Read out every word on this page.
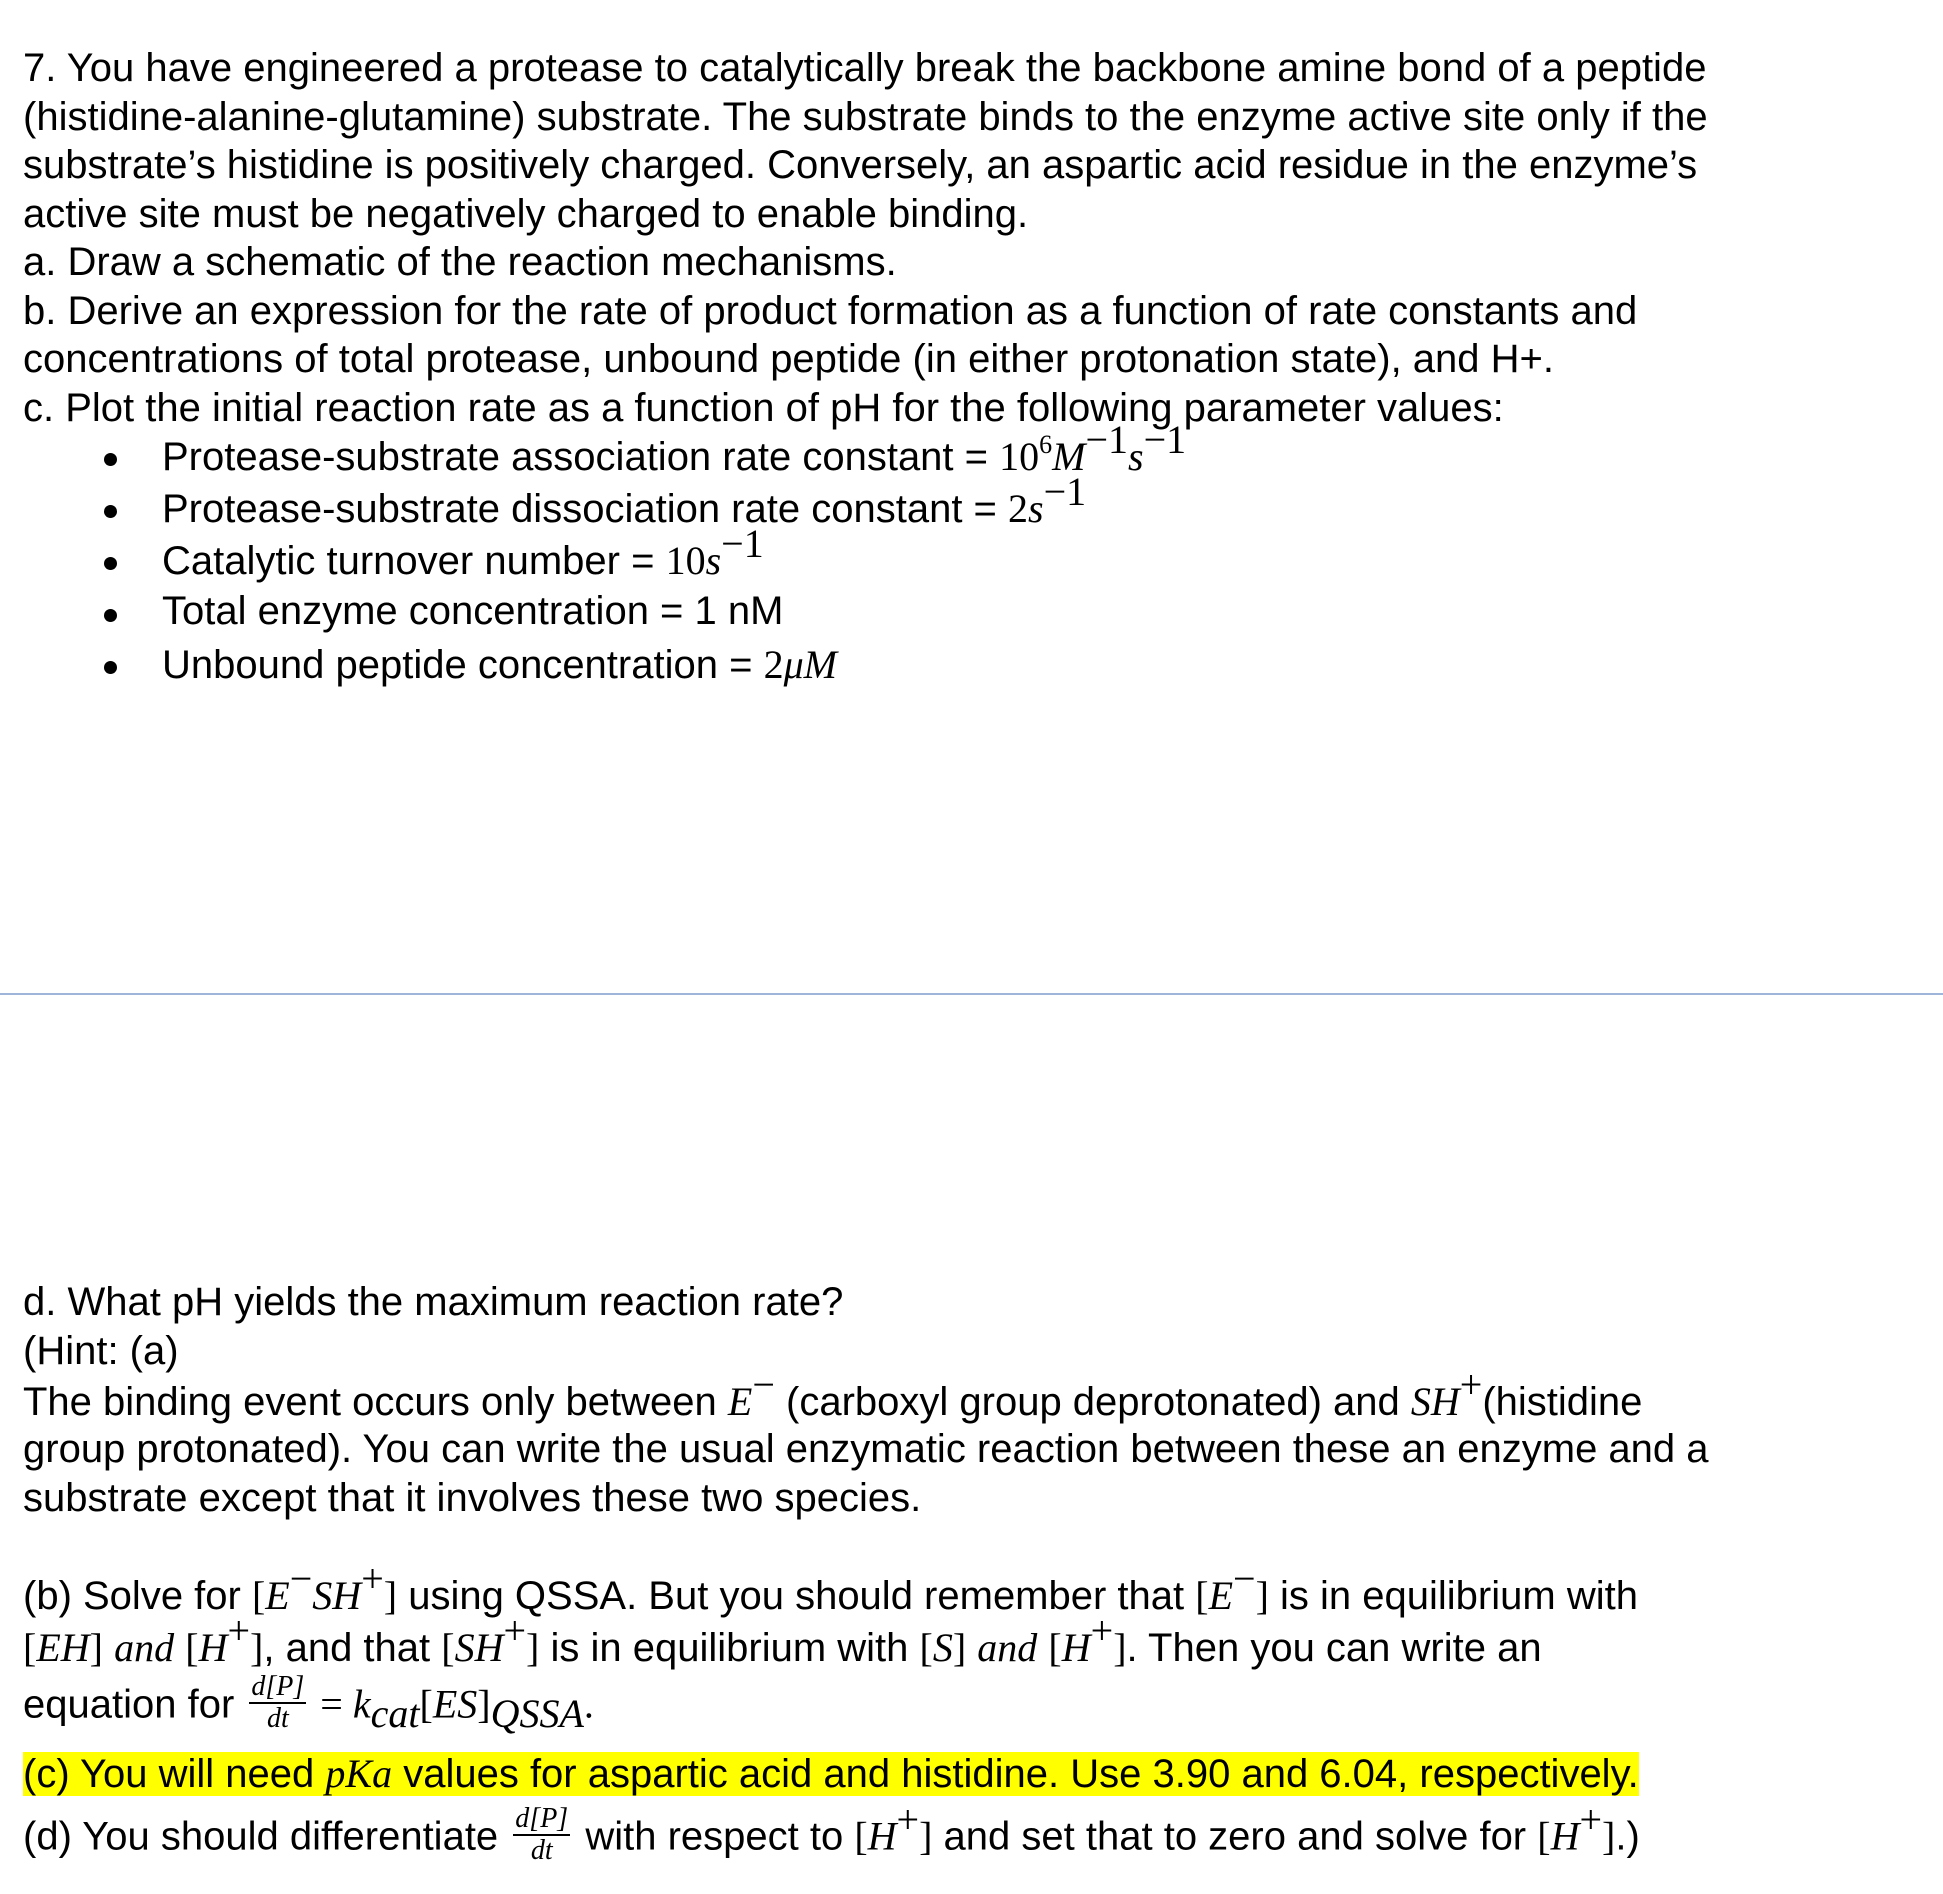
7. You have engineered a protease to catalytically break the backbone amine bond of a peptide
(histidine-alanine-glutamine) substrate. The substrate binds to the enzyme active site only if the
substrate’s histidine is positively charged. Conversely, an aspartic acid residue in the enzyme’s
active site must be negatively charged to enable binding.
a. Draw a schematic of the reaction mechanisms.
b. Derive an expression for the rate of product formation as a function of rate constants and
concentrations of total protease, unbound peptide (in either protonation state), and H+.
c. Plot the initial reaction rate as a function of pH for the following parameter values:
Protease-substrate association rate constant = $10^6M^{-1}s^{-1}$
Protease-substrate dissociation rate constant = $2s^{-1}$
Catalytic turnover number = $10s^{-1}$
Total enzyme concentration = 1 nM
Unbound peptide concentration = 2μM
d. What pH yields the maximum reaction rate?
(Hint: (a)
The binding event occurs only between E− (carboxyl group deprotonated) and SH+(histidine
group protonated). You can write the usual enzymatic reaction between these an enzyme and a
substrate except that it involves these two species.
(b) Solve for [E−SH+] using QSSA. But you should remember that [E−] is in equilibrium with
[EH] and [H+], and that [SH+] is in equilibrium with [S] and [H+]. Then you can write an
equation for $\frac{d[P]}{dt} = k_{cat}[ES]_{QSSA}$.
(c) You will need pKa values for aspartic acid and histidine. Use 3.90 and 6.04, respectively.
(d) You should differentiate $\frac{d[P]}{dt}$ with respect to [H+] and set that to zero and solve for [H+].)
